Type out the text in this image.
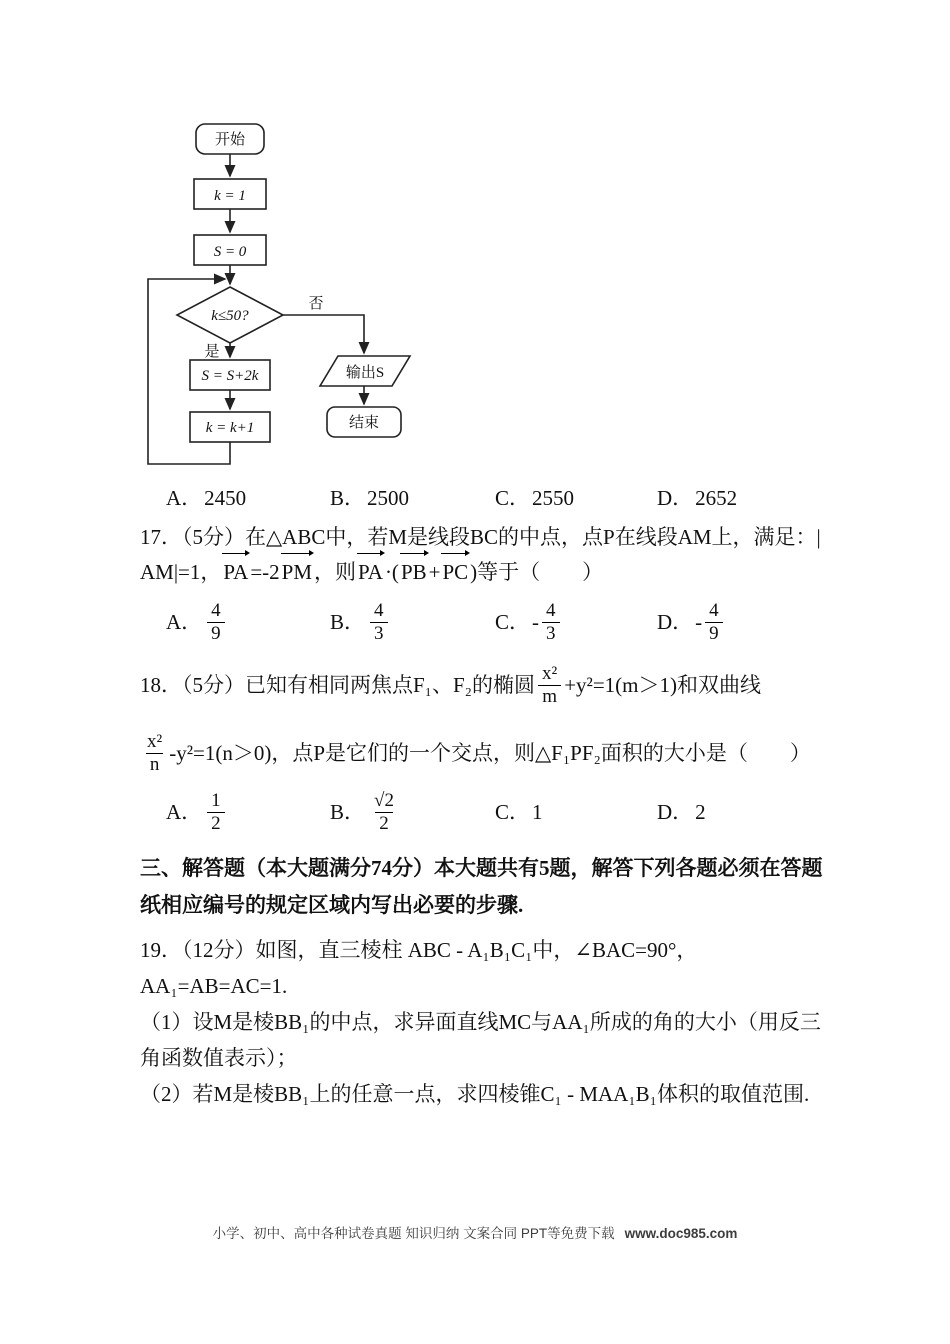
开始
k = 1
S = 0
k≤50?
否
是
S = S+2k
k = k+1
输出S
结束
A．2450	B．2500	C．2550	D．2652
17．（5分）在△ABC中，若M是线段BC的中点，点P在线段AM上，满足：|
AM|=1，PA=-2PM，则PA·(PB+PC)等于（　　）
A． $\frac{4}{9}$	B． $\frac{4}{3}$	C．- $\frac{4}{3}$	D．- $\frac{4}{9}$
18．（5分）已知有相同两焦点F₁、F₂的椭圆 $\frac{\text{x²}}{m} +y^2=1(m>1)$和双曲线
$\frac{\text{x²}}{n} -y^2=1(n>0)$，点P是它们的一个交点，则△F₁PF₂面积的大小是（　　）
A． $\frac{1}{2}$	B． $\frac{√2}{2}$	C．1	D．2

三、解答题（本大题满分74分）本大题共有5题，解答下列各题必须在答题纸相应编号的规定区域内写出必要的步骤.

19．（12分）如图，直三棱柱 ABC - A₁B₁C₁中，∠BAC=90°，AA₁=AB=AC=1.

（1）设M是棱BB₁的中点，求异面直线MC与AA₁所成的角的大小（用反三角函数值表示）；

（2）若M是棱BB₁上的任意一点，求四棱锥C₁ - MAA₁B₁体积的取值范围.

小学、初中、高中各种试卷真题 知识归纳 文案合同 PPT等免费下载 www.doc985.com
